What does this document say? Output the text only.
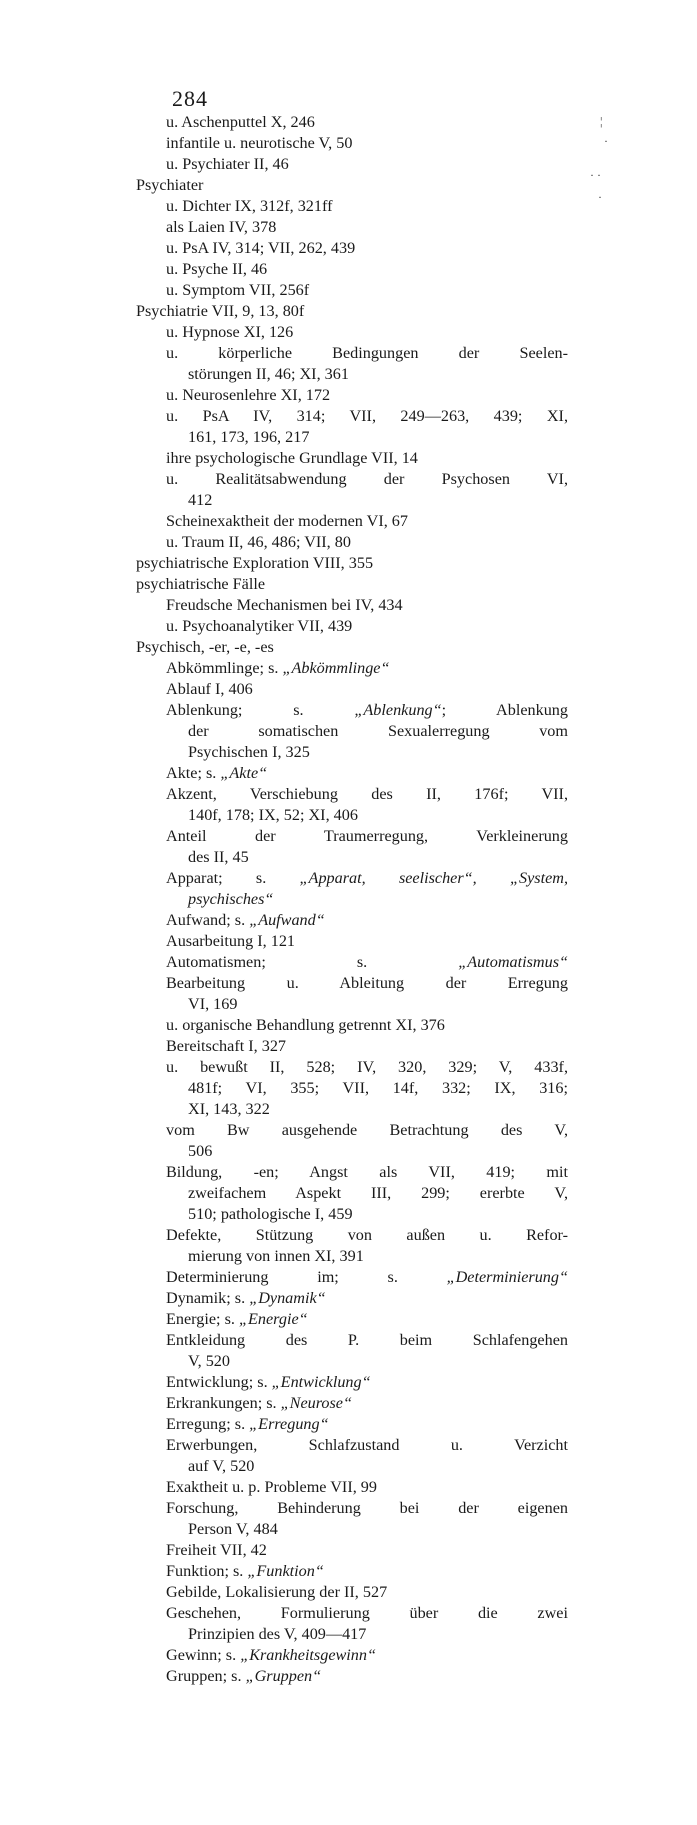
284
u. Aschenputtel X, 246
infantile u. neurotische V, 50
u. Psychiater II, 46
Psychiater
u. Dichter IX, 312f, 321ff
als Laien IV, 378
u. PsA IV, 314; VII, 262, 439
u. Psyche II, 46
u. Symptom VII, 256f
Psychiatrie VII, 9, 13, 80f
u. Hypnose XI, 126
u. körperliche Bedingungen der Seelen-
störungen II, 46; XI, 361
u. Neurosenlehre XI, 172
u. PsA IV, 314; VII, 249—263, 439; XI,
161, 173, 196, 217
ihre psychologische Grundlage VII, 14
u. Realitätsabwendung der Psychosen VI,
412
Scheinexaktheit der modernen VI, 67
u. Traum II, 46, 486; VII, 80
psychiatrische Exploration VIII, 355
psychiatrische Fälle
Freudsche Mechanismen bei IV, 434
u. Psychoanalytiker VII, 439
Psychisch, -er, -e, -es
Abkömmlinge; s. „Abkömmlinge“
Ablauf I, 406
Ablenkung; s. „Ablenkung“; Ablenkung
der somatischen Sexualerregung vom
Psychischen I, 325
Akte; s. „Akte“
Akzent, Verschiebung des II, 176f; VII,
140f, 178; IX, 52; XI, 406
Anteil der Traumerregung, Verkleinerung
des II, 45
Apparat; s. „Apparat, seelischer“, „System,
psychisches“
Aufwand; s. „Aufwand“
Ausarbeitung I, 121
Automatismen; s. „Automatismus“
Bearbeitung u. Ableitung der Erregung
VI, 169
u. organische Behandlung getrennt XI, 376
Bereitschaft I, 327
u. bewußt II, 528; IV, 320, 329; V, 433f,
481f; VI, 355; VII, 14f, 332; IX, 316;
XI, 143, 322
vom Bw ausgehende Betrachtung des V,
506
Bildung, -en; Angst als VII, 419; mit
zweifachem Aspekt III, 299; ererbte V,
510; pathologische I, 459
Defekte, Stützung von außen u. Refor-
mierung von innen XI, 391
Determinierung im; s. „Determinierung“
Dynamik; s. „Dynamik“
Energie; s. „Energie“
Entkleidung des P. beim Schlafengehen
V, 520
Entwicklung; s. „Entwicklung“
Erkrankungen; s. „Neurose“
Erregung; s. „Erregung“
Erwerbungen, Schlafzustand u. Verzicht
auf V, 520
Exaktheit u. p. Probleme VII, 99
Forschung, Behinderung bei der eigenen
Person V, 484
Freiheit VII, 42
Funktion; s. „Funktion“
Gebilde, Lokalisierung der II, 527
Geschehen, Formulierung über die zwei
Prinzipien des V, 409—417
Gewinn; s. „Krankheitsgewinn“
Gruppen; s. „Gruppen“
¦
·
· ·
·
